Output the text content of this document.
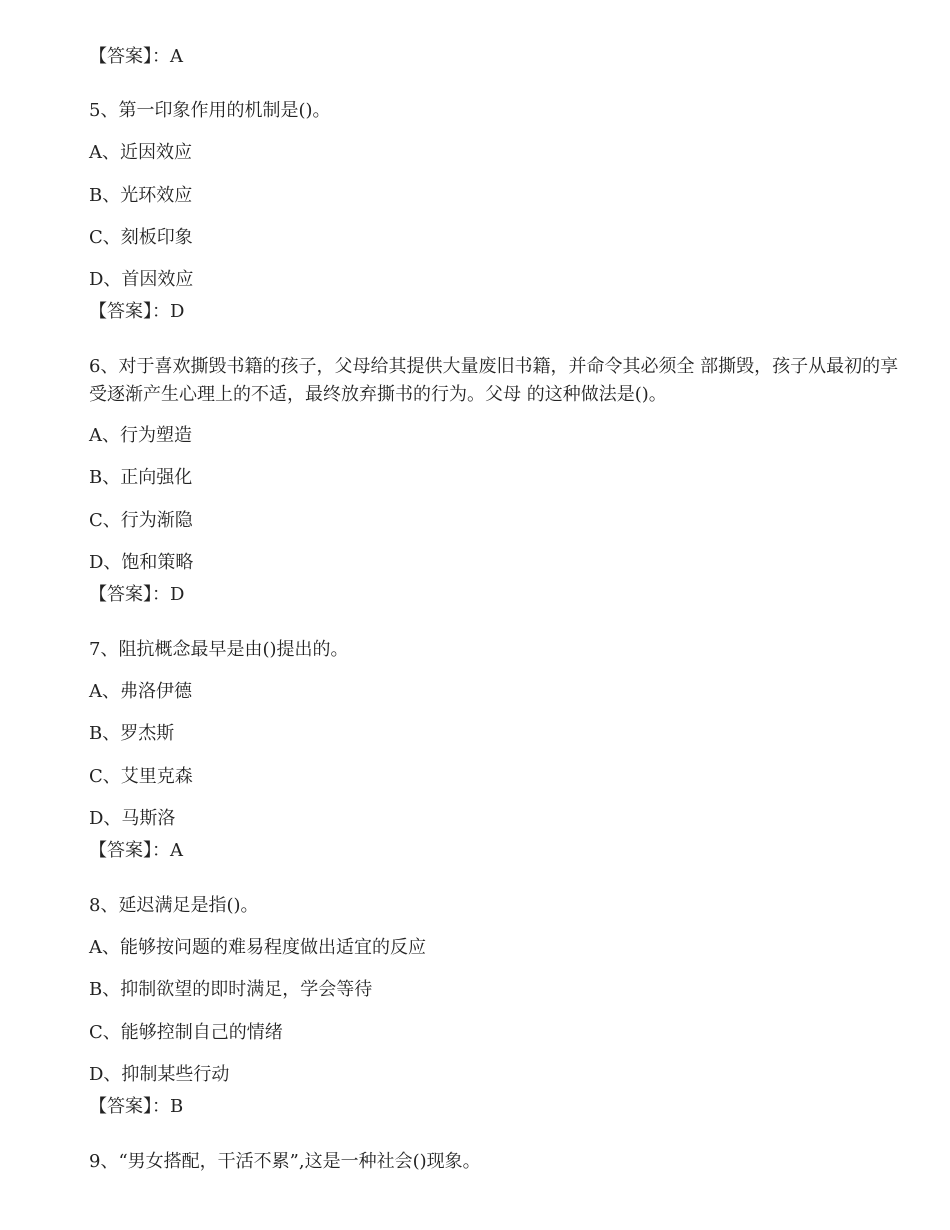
【答案】：A
5、第一印象作用的机制是()。
A、近因效应
B、光环效应
C、刻板印象
D、首因效应
【答案】：D
6、对于喜欢撕毁书籍的孩子，父母给其提供大量废旧书籍，并命令其必须全 部撕毁，孩子从最初的享受逐渐产生心理上的不适，最终放弃撕书的行为。父母 的这种做法是()。
A、行为塑造
B、正向强化
C、行为渐隐
D、饱和策略
【答案】：D
7、阻抗概念最早是由()提出的。
A、弗洛伊德
B、罗杰斯
C、艾里克森
D、马斯洛
【答案】：A
8、延迟满足是指()。
A、能够按问题的难易程度做出适宜的反应
B、抑制欲望的即时满足，学会等待
C、能够控制自己的情绪
D、抑制某些行动
【答案】：B
9、“男女搭配，干活不累”,这是一种社会()现象。
